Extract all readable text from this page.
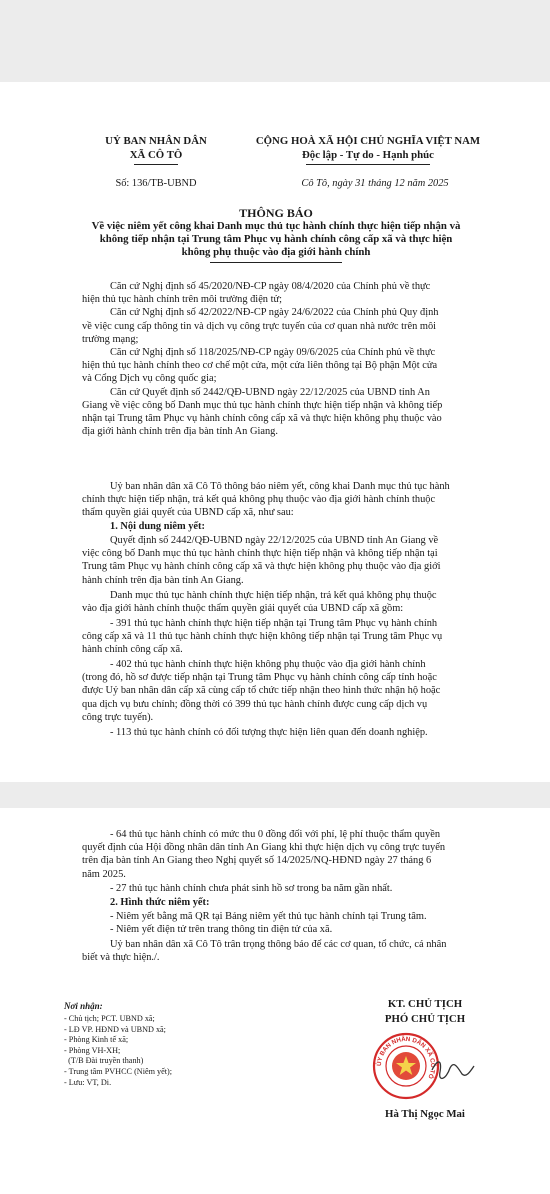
UỶ BAN NHÂN DÂN
XÃ CÔ TÔ
CỘNG HOÀ XÃ HỘI CHỦ NGHĨA VIỆT NAM
Độc lập - Tự do - Hạnh phúc
Số: 136/TB-UBND	Cô Tô, ngày 31 tháng 12 năm 2025
THÔNG BÁO
Về việc niêm yết công khai Danh mục thủ tục hành chính thực hiện tiếp nhận và
không tiếp nhận tại Trung tâm Phục vụ hành chính công cấp xã và thực hiện
không phụ thuộc vào địa giới hành chính
Căn cứ Nghị định số 45/2020/NĐ-CP ngày 08/4/2020 của Chính phủ về thực
hiện thủ tục hành chính trên môi trường điện tử;
Căn cứ Nghị định số 42/2022/NĐ-CP ngày 24/6/2022 của Chính phủ Quy định
về việc cung cấp thông tin và dịch vụ công trực tuyến của cơ quan nhà nước trên môi
trường mạng;
Căn cứ Nghị định số 118/2025/NĐ-CP ngày 09/6/2025 của Chính phủ về thực
hiện thủ tục hành chính theo cơ chế một cửa, một cửa liên thông tại Bộ phận Một cửa
và Cổng Dịch vụ công quốc gia;
Căn cứ Quyết định số 2442/QĐ-UBND ngày 22/12/2025 của UBND tỉnh An
Giang về việc công bố Danh mục thủ tục hành chính thực hiện tiếp nhận và không tiếp
nhận tại Trung tâm Phục vụ hành chính công cấp xã và thực hiện không phụ thuộc vào
địa giới hành chính trên địa bàn tỉnh An Giang.
Uỷ ban nhân dân xã Cô Tô thông báo niêm yết, công khai Danh mục thủ tục hành
chính thực hiện tiếp nhận, trả kết quả không phụ thuộc vào địa giới hành chính thuộc
thẩm quyền giải quyết của UBND cấp xã, như sau:
1. Nội dung niêm yết:
Quyết định số 2442/QĐ-UBND ngày 22/12/2025 của UBND tỉnh An Giang về
việc công bố Danh mục thủ tục hành chính thực hiện tiếp nhận và không tiếp nhận tại
Trung tâm Phục vụ hành chính công cấp xã và thực hiện không phụ thuộc vào địa giới
hành chính trên địa bàn tỉnh An Giang.
Danh mục thủ tục hành chính thực hiện tiếp nhận, trả kết quả không phụ thuộc
vào địa giới hành chính thuộc thẩm quyền giải quyết của UBND cấp xã gồm:
- 391 thủ tục hành chính thực hiện tiếp nhận tại Trung tâm Phục vụ hành chính
công cấp xã và 11 thủ tục hành chính thực hiện không tiếp nhận tại Trung tâm Phục vụ
hành chính công cấp xã.
- 402 thủ tục hành chính thực hiện không phụ thuộc vào địa giới hành chính
(trong đó, hồ sơ được tiếp nhận tại Trung tâm Phục vụ hành chính công cấp tỉnh hoặc
được Uỷ ban nhân dân cấp xã cùng cấp tổ chức tiếp nhận theo hình thức nhận hộ hoặc
qua dịch vụ bưu chính; đồng thời có 399 thủ tục hành chính được cung cấp dịch vụ
công trực tuyến).
- 113 thủ tục hành chính có đối tượng thực hiện liên quan đến doanh nghiệp.
- 64 thủ tục hành chính có mức thu 0 đồng đối với phí, lệ phí thuộc thẩm quyền
quyết định của Hội đồng nhân dân tỉnh An Giang khi thực hiện dịch vụ công trực tuyến
trên địa bàn tỉnh An Giang theo Nghị quyết số 14/2025/NQ-HĐND ngày 27 tháng 6
năm 2025.
- 27 thủ tục hành chính chưa phát sinh hồ sơ trong ba năm gần nhất.
2. Hình thức niêm yết:
- Niêm yết bằng mã QR tại Bảng niêm yết thủ tục hành chính tại Trung tâm.
- Niêm yết điện tử trên trang thông tin điện tử của xã.
Uỷ ban nhân dân xã Cô Tô trân trọng thông báo để các cơ quan, tổ chức, cá nhân
biết và thực hiện./.
Nơi nhận:
- Chủ tịch; PCT. UBND xã;
- LĐ VP. HĐND và UBND xã;
- Phòng Kinh tế xã;
- Phòng VH-XH;
(T/B Đài truyền thanh)
- Trung tâm PVHCC (Niêm yết);
- Lưu: VT, Di.
KT. CHỦ TỊCH
PHÓ CHỦ TỊCH
ỦY BAN NHÂN DÂN XÃ CÔ TÔ
Hà Thị Ngọc Mai
